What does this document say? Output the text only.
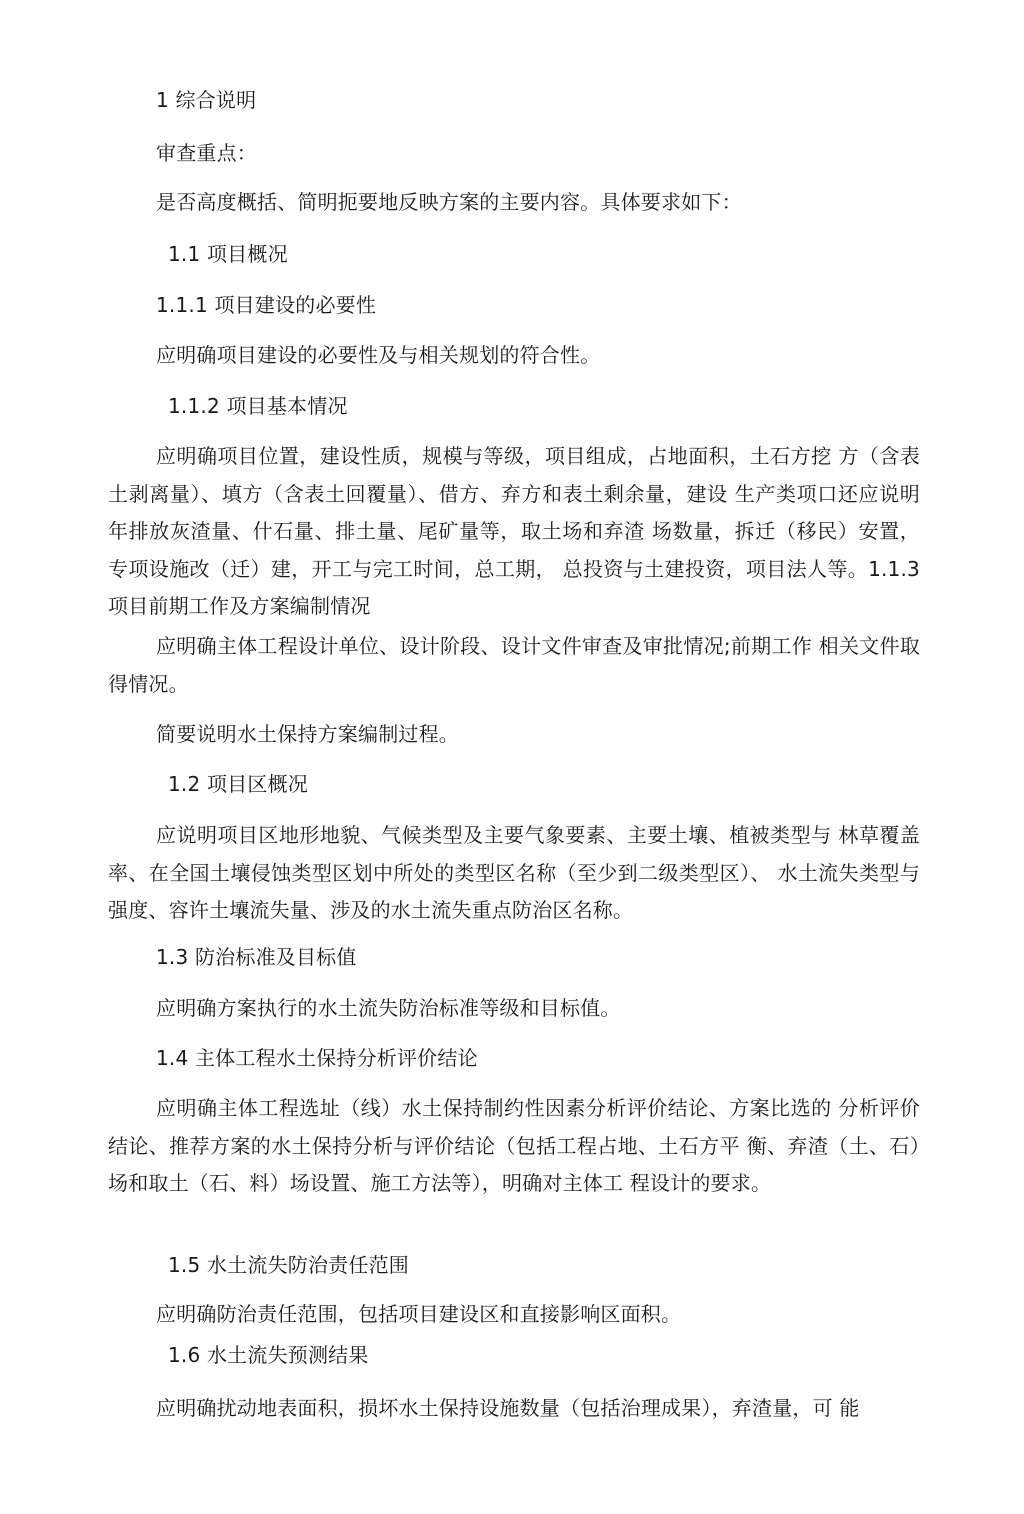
1 综合说明
审查重点：
是否高度概括、简明扼要地反映方案的主要内容。具体要求如下：
1.1 项目概况
1.1.1 项目建设的必要性
应明确项目建设的必要性及与相关规划的符合性。
1.1.2 项目基本情况
应明确项目位置，建设性质，规模与等级，项目组成，占地面积，土石方挖 方（含表土剥离量）、填方（含表土回覆量）、借方、弃方和表土剩余量，建设 生产类项口还应说明年排放灰渣量、什石量、排土量、尾矿量等，取土场和弃渣 场数量，拆迁（移民）安置，专项设施改（迁）建，开工与完工时间，总工期， 总投资与土建投资，项目法人等。1.1.3 项目前期工作及方案编制情况
应明确主体工程设计单位、设计阶段、设计文件审查及审批情况;前期工作 相关文件取得情况。
简要说明水土保持方案编制过程。
1.2 项目区概况
应说明项目区地形地貌、气候类型及主要气象要素、主要土壤、植被类型与 林草覆盖率、在全国土壤侵蚀类型区划中所处的类型区名称（至少到二级类型区）、 水土流失类型与强度、容许土壤流失量、涉及的水土流失重点防治区名称。
1.3 防治标准及目标值
应明确方案执行的水土流失防治标准等级和目标值。
1.4 主体工程水土保持分析评价结论
应明确主体工程选址（线）水土保持制约性因素分析评价结论、方案比选的 分析评价结论、推荐方案的水土保持分析与评价结论（包括工程占地、土石方平 衡、弃渣（土、石）场和取土（石、料）场设置、施工方法等），明确对主体工 程设计的要求。
1.5 水土流失防治责任范围
应明确防治责任范围，包括项目建设区和直接影响区面积。
1.6 水土流失预测结果
应明确扰动地表面积，损坏水土保持设施数量（包括治理成果），弃渣量，可 能
